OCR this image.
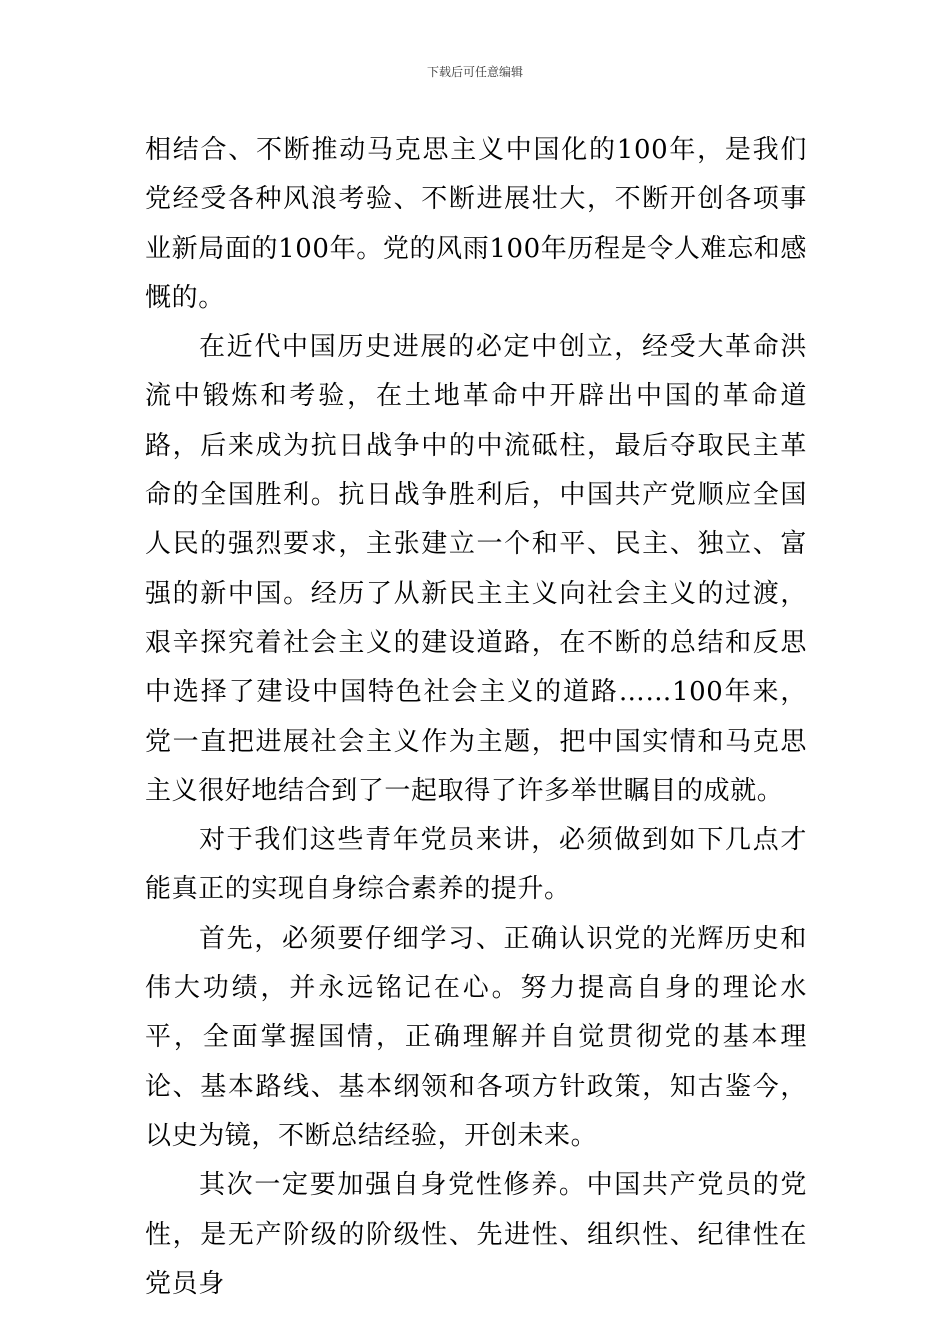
下载后可任意编辑

相结合、不断推动马克思主义中国化的100年，是我们党经受各种风浪考验、不断进展壮大，不断开创各项事业新局面的100年。党的风雨100年历程是令人难忘和感慨的。

在近代中国历史进展的必定中创立，经受大革命洪流中锻炼和考验，在土地革命中开辟出中国的革命道路，后来成为抗日战争中的中流砥柱，最后夺取民主革命的全国胜利。抗日战争胜利后，中国共产党顺应全国人民的强烈要求，主张建立一个和平、民主、独立、富强的新中国。经历了从新民主主义向社会主义的过渡，艰辛探究着社会主义的建设道路，在不断的总结和反思中选择了建设中国特色社会主义的道路……100年来，党一直把进展社会主义作为主题，把中国实情和马克思主义很好地结合到了一起取得了许多举世瞩目的成就。

对于我们这些青年党员来讲，必须做到如下几点才能真正的实现自身综合素养的提升。

首先，必须要仔细学习、正确认识党的光辉历史和伟大功绩，并永远铭记在心。努力提高自身的理论水平，全面掌握国情，正确理解并自觉贯彻党的基本理论、基本路线、基本纲领和各项方针政策，知古鉴今，以史为镜，不断总结经验，开创未来。

其次一定要加强自身党性修养。中国共产党员的党性，是无产阶级的阶级性、先进性、组织性、纪律性在党员身
